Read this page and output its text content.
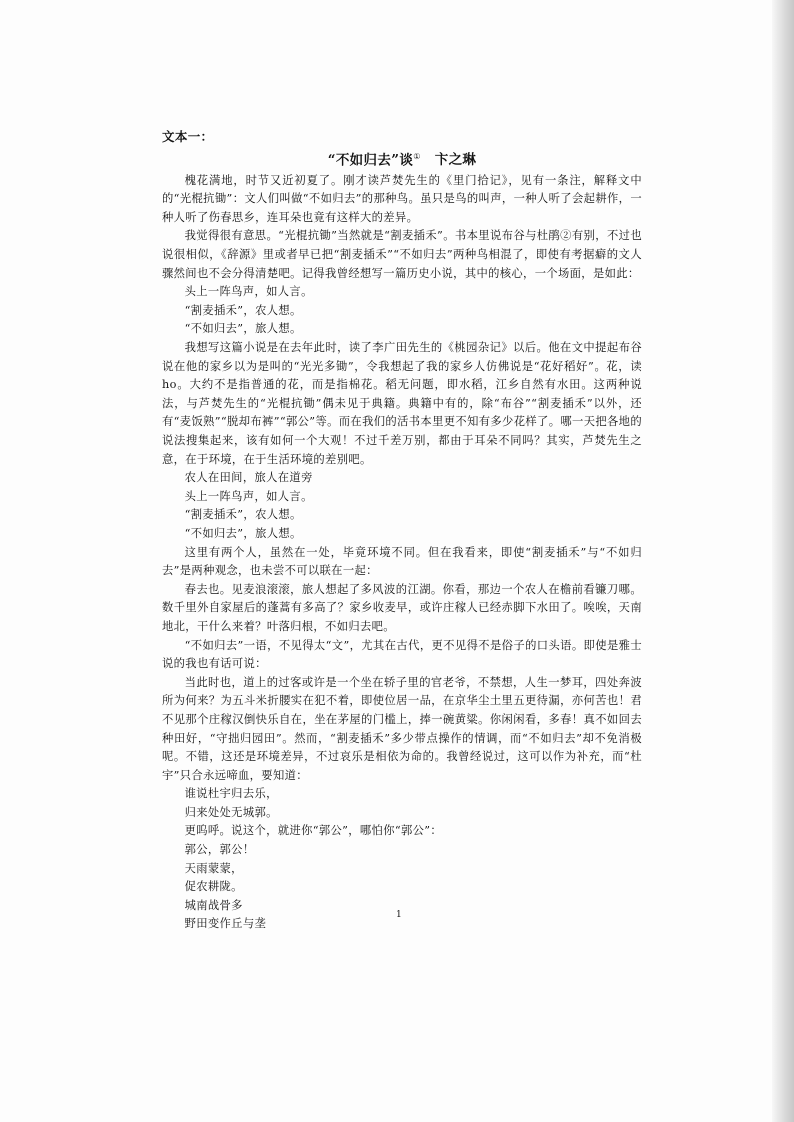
文本一：
“不如归去”谈① 卞之琳

槐花满地，时节又近初夏了。刚才读芦焚先生的《里门拾记》，见有一条注，解释文中的“光棍抗锄”：文人们叫做“不如归去”的那种鸟。虽只是鸟的叫声，一种人听了会起耕作，一种人听了伤春思乡，连耳朵也竟有这样大的差异。

我觉得很有意思。“光棍抗锄”当然就是“割麦插禾”。书本里说布谷与杜鹃②有别，不过也说很相似，《辞源》里或者早已把“割麦插禾”“不如归去”两种鸟相混了，即使有考据癖的文人骤然间也不会分得清楚吧。记得我曾经想写一篇历史小说，其中的核心，一个场面，是如此：

头上一阵鸟声，如人言。

“割麦插禾”，农人想。

“不如归去”，旅人想。

我想写这篇小说是在去年此时，读了李广田先生的《桃园杂记》以后。他在文中提起布谷说在他的家乡以为是叫的“光光多锄”，令我想起了我的家乡人仿佛说是“花好稻好”。花，读ho。大约不是指普通的花，而是指棉花。稻无问题，即水稻，江乡自然有水田。这两种说法，与芦焚先生的“光棍抗锄”偶未见于典籍。典籍中有的，除“布谷”“割麦插禾”以外，还有“麦饭熟”“脱却布裤”“郭公”等。而在我们的活书本里更不知有多少花样了。哪一天把各地的说法搜集起来，该有如何一个大观！不过千差万别，都由于耳朵不同吗？其实，芦焚先生之意，在于环境，在于生活环境的差别吧。

农人在田间，旅人在道旁

头上一阵鸟声，如人言。

“割麦插禾”，农人想。

“不如归去”，旅人想。

这里有两个人，虽然在一处，毕竟环境不同。但在我看来，即使“割麦插禾”与“不如归去”是两种观念，也未尝不可以联在一起：

春去也。见麦浪滚滚，旅人想起了多风波的江湖。你看，那边一个农人在檐前看镰刀哪。数千里外自家屋后的蓬蒿有多高了？家乡收麦早，或许庄稼人已经赤脚下水田了。唉唉，天南地北，干什么来着？叶落归根，不如归去吧。

“不如归去”一语，不见得太“文”，尤其在古代，更不见得不是俗子的口头语。即使是雅士说的我也有话可说：

当此时也，道上的过客或许是一个坐在轿子里的官老爷，不禁想，人生一梦耳，四处奔波所为何来？为五斗米折腰实在犯不着，即使位居一品，在京华尘土里五更待漏，亦何苦也！君不见那个庄稼汉倒快乐自在，坐在茅屋的门槛上，捧一碗黄粱。你闲闲看，多春！真不如回去种田好，“守拙归园田”。然而，“割麦插禾”多少带点操作的情调，而“不如归去”却不免消极呢。不错，这还是环境差异，不过哀乐是相依为命的。我曾经说过，这可以作为补充，而“杜宇”只合永远啼血，要知道：

谁说杜宇归去乐，

归来处处无城郭。

更呜呼。说这个，就进你“郭公”，哪怕你“郭公”：

郭公，郭公！

天雨蒙蒙，

促农耕陇。

城南战骨多

野田变作丘与垄

1
